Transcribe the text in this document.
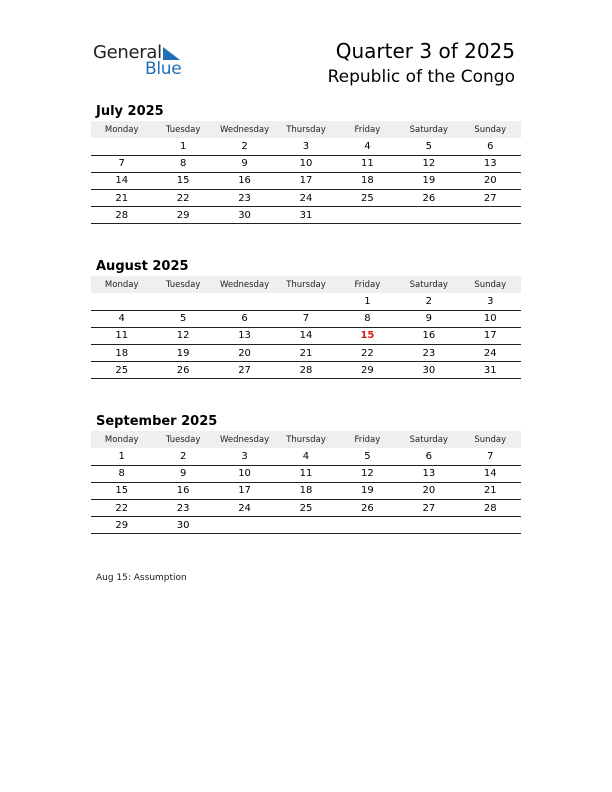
General
Blue
Quarter 3 of 2025
Republic of the Congo
July 2025
Monday	Tuesday	Wednesday	Thursday	Friday	Saturday	Sunday
	1	2	3	4	5	6
7	8	9	10	11	12	13
14	15	16	17	18	19	20
21	22	23	24	25	26	27
28	29	30	31			
August 2025
Monday	Tuesday	Wednesday	Thursday	Friday	Saturday	Sunday
				1	2	3
4	5	6	7	8	9	10
11	12	13	14	15	16	17
18	19	20	21	22	23	24
25	26	27	28	29	30	31
September 2025
Monday	Tuesday	Wednesday	Thursday	Friday	Saturday	Sunday
1	2	3	4	5	6	7
8	9	10	11	12	13	14
15	16	17	18	19	20	21
22	23	24	25	26	27	28
29	30					
Aug 15: Assumption
